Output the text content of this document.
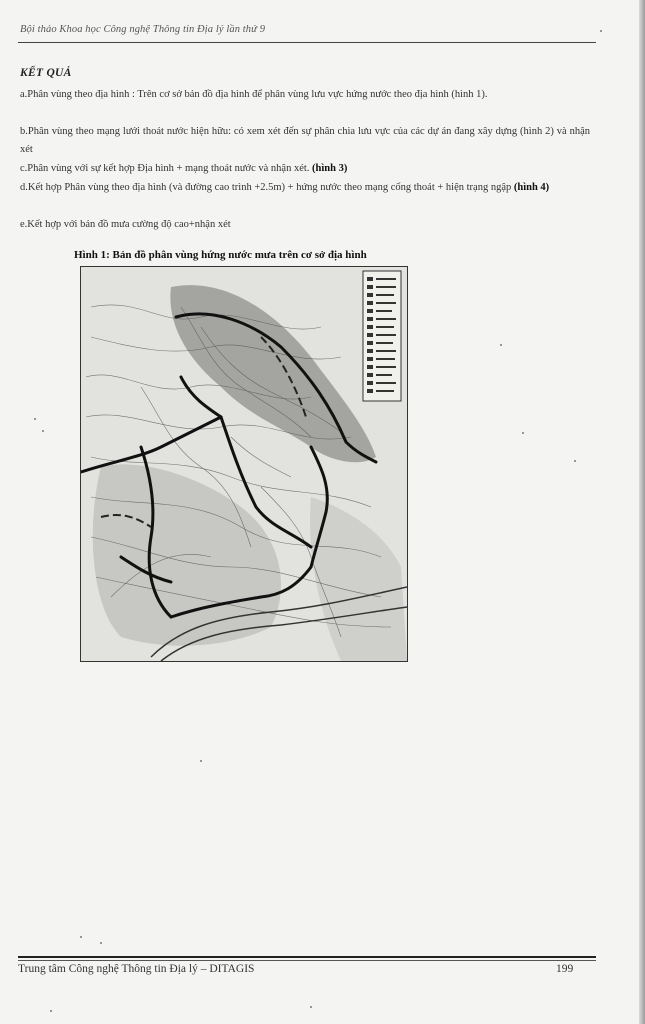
Bội thảo Khoa học Công nghệ Thông tin Địa lý lần thứ 9
KẾT QUẢ
a.Phân vùng theo địa hình : Trên cơ sở bản đồ địa hình để phân vùng lưu vực hứng nước theo địa hình (hình 1).
b.Phân vùng theo mạng lưới thoát nước hiện hữu: có xem xét đến sự phân chia lưu vực của các dự án đang xây dựng (hình 2) và nhận xét
c.Phân vùng với sự kết hợp Địa hình + mạng thoát nước và nhận xét. (hình 3)
d.Kết hợp Phân vùng theo địa hình (và đường cao trình +2.5m) + hứng nước theo mạng cống thoát + hiện trạng ngập (hình 4)
e.Kết hợp với bản đồ mưa cường độ cao+nhận xét
Hình 1: Bản đồ phân vùng hứng nước mưa trên cơ sở địa hình
Trung tâm Công nghệ Thông tin Địa lý – DITAGIS	199
